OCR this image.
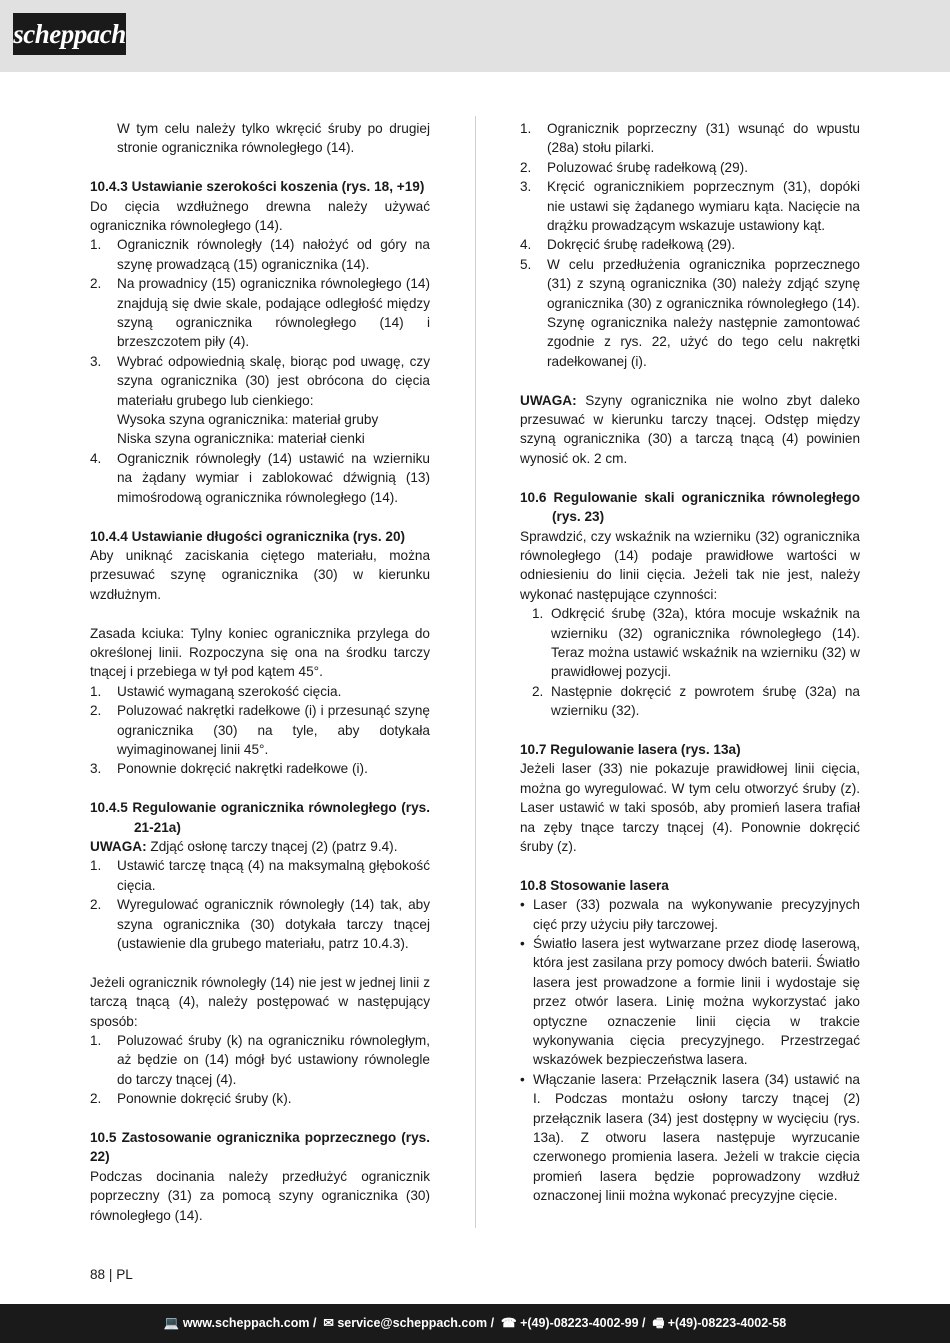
scheppach

W tym celu należy tylko wkręcić śruby po drugiej stronie ogranicznika równoległego (14).

10.4.3 Ustawianie szerokości koszenia (rys. 18, +19)

Do cięcia wzdłużnego drewna należy używać ogranicznika równoległego (14).

1. Ogranicznik równoległy (14) nałożyć od góry na szynę prowadzącą (15) ogranicznika (14).
2. Na prowadnicy (15) ogranicznika równoległego (14) znajdują się dwie skale, podające odległość między szyną ogranicznika równoległego (14) i brzeszczotem piły (4).
3. Wybrać odpowiednią skalę, biorąc pod uwagę, czy szyna ogranicznika (30) jest obrócona do cięcia materiału grubego lub cienkiego:
Wysoka szyna ogranicznika: materiał gruby
Niska szyna ogranicznika: materiał cienki
4. Ogranicznik równoległy (14) ustawić na wzierniku na żądany wymiar i zablokować dźwignią (13) mimośrodową ogranicznika równoległego (14).

10.4.4 Ustawianie długości ogranicznika (rys. 20)

Aby uniknąć zaciskania ciętego materiału, można przesuwać szynę ogranicznika (30) w kierunku wzdłużnym.

Zasada kciuka: Tylny koniec ogranicznika przylega do określonej linii. Rozpoczyna się ona na środku tarczy tnącej i przebiega w tył pod kątem 45°.

1. Ustawić wymaganą szerokość cięcia.
2. Poluzować nakrętki radełkowe (i) i przesunąć szynę ogranicznika (30) na tyle, aby dotykała wyimaginowanej linii 45°.
3. Ponownie dokręcić nakrętki radełkowe (i).

10.4.5 Regulowanie ogranicznika równoległego (rys. 21-21a)

UWAGA: Zdjąć osłonę tarczy tnącej (2) (patrz 9.4).

1. Ustawić tarczę tnącą (4) na maksymalną głębokość cięcia.
2. Wyregulować ogranicznik równoległy (14) tak, aby szyna ogranicznika (30) dotykała tarczy tnącej (ustawienie dla grubego materiału, patrz 10.4.3).

Jeżeli ogranicznik równoległy (14) nie jest w jednej linii z tarczą tnącą (4), należy postępować w następujący sposób:

1. Poluzować śruby (k) na ograniczniku równoległym, aż będzie on (14) mógł być ustawiony równolegle do tarczy tnącej (4).
2. Ponownie dokręcić śruby (k).

10.5 Zastosowanie ogranicznika poprzecznego (rys. 22)

Podczas docinania należy przedłużyć ogranicznik poprzeczny (31) za pomocą szyny ogranicznika (30) równoległego (14).

1. Ogranicznik poprzeczny (31) wsunąć do wpustu (28a) stołu pilarki.
2. Poluzować śrubę radełkową (29).
3. Kręcić ogranicznikiem poprzecznym (31), dopóki nie ustawi się żądanego wymiaru kąta. Nacięcie na drążku prowadzącym wskazuje ustawiony kąt.
4. Dokręcić śrubę radełkową (29).
5. W celu przedłużenia ogranicznika poprzecznego (31) z szyną ogranicznika (30) należy zdjąć szynę ogranicznika (30) z ogranicznika równoległego (14). Szynę ogranicznika należy następnie zamontować zgodnie z rys. 22, użyć do tego celu nakrętki radełkowanej (i).

UWAGA: Szyny ogranicznika nie wolno zbyt daleko przesuwać w kierunku tarczy tnącej. Odstęp między szyną ogranicznika (30) a tarczą tnącą (4) powinien wynosić ok. 2 cm.

10.6 Regulowanie skali ogranicznika równoległego (rys. 23)

Sprawdzić, czy wskaźnik na wzierniku (32) ogranicznika równoległego (14) podaje prawidłowe wartości w odniesieniu do linii cięcia. Jeżeli tak nie jest, należy wykonać następujące czynności:

1. Odkręcić śrubę (32a), która mocuje wskaźnik na wzierniku (32) ogranicznika równoległego (14). Teraz można ustawić wskaźnik na wzierniku (32) w prawidłowej pozycji.
2. Następnie dokręcić z powrotem śrubę (32a) na wzierniku (32).

10.7 Regulowanie lasera (rys. 13a)

Jeżeli laser (33) nie pokazuje prawidłowej linii cięcia, można go wyregulować. W tym celu otworzyć śruby (z). Laser ustawić w taki sposób, aby promień lasera trafiał na zęby tnące tarczy tnącej (4). Ponownie dokręcić śruby (z).

10.8 Stosowanie lasera

• Laser (33) pozwala na wykonywanie precyzyjnych cięć przy użyciu piły tarczowej.
• Światło lasera jest wytwarzane przez diodę laserową, która jest zasilana przy pomocy dwóch baterii. Światło lasera jest prowadzone a formie linii i wydostaje się przez otwór lasera. Linię można wykorzystać jako optyczne oznaczenie linii cięcia w trakcie wykonywania cięcia precyzyjnego. Przestrzegać wskazówek bezpieczeństwa lasera.
• Włączanie lasera: Przełącznik lasera (34) ustawić na I. Podczas montażu osłony tarczy tnącej (2) przełącznik lasera (34) jest dostępny w wycięciu (rys. 13a). Z otworu lasera następuje wyrzucanie czerwonego promienia lasera. Jeżeli w trakcie cięcia promień lasera będzie poprowadzony wzdłuż oznaczonej linii można wykonać precyzyjne cięcie.
88 | PL
💻 www.scheppach.com /  ✉ service@scheppach.com /  ☎ +(49)-08223-4002-99 /  🖷 +(49)-08223-4002-58
